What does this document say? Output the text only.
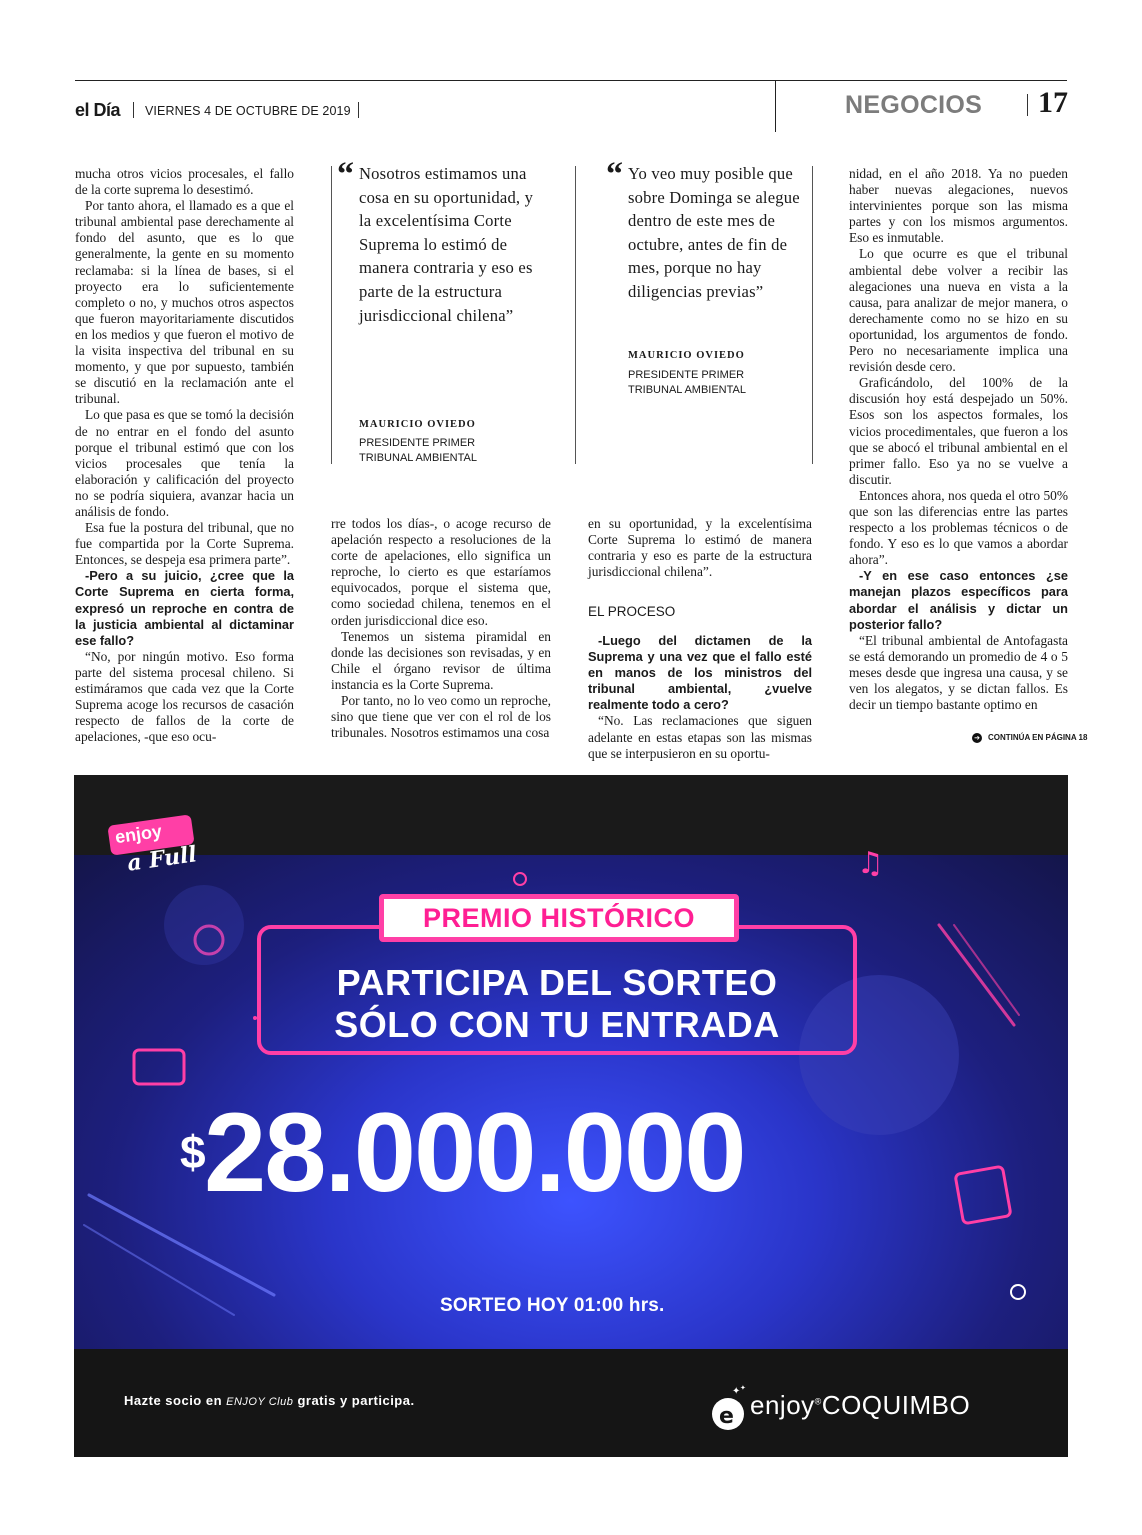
el Día VIERNES 4 DE OCTUBRE DE 2019	NEGOCIOS 17

mucha otros vicios procesales, el fallo de la corte suprema lo desestimó.

Por tanto ahora, el llamado es a que el tribunal ambiental pase derechamente al fondo del asunto, que es lo que generalmente, la gente en su momento reclamaba: si la línea de bases, si el proyecto era lo suficientemente completo o no, y muchos otros aspectos que fueron mayoritariamente discutidos en los medios y que fueron el motivo de la visita inspectiva del tribunal en su momento, y que por supuesto, también se discutió en la reclamación ante el tribunal.

Lo que pasa es que se tomó la decisión de no entrar en el fondo del asunto porque el tribunal estimó que con los vicios procesales que tenía la elaboración y calificación del proyecto no se podría siquiera, avanzar hacia un análisis de fondo.

Esa fue la postura del tribunal, que no fue compartida por la Corte Suprema. Entonces, se despeja esa primera parte”.

-Pero a su juicio, ¿cree que la Corte Suprema en cierta forma, expresó un reproche en contra de la justicia ambiental al dictaminar ese fallo?

“No, por ningún motivo. Eso forma parte del sistema procesal chileno. Si estimáramos que cada vez que la Corte Suprema acoge los recursos de casación respecto de fallos de la corte de apelaciones, -que eso ocu-

“ Nosotros estimamos una cosa en su oportunidad, y la excelentísima Corte Suprema lo estimó de manera contraria y eso es parte de la estructura jurisdiccional chilena”
MAURICIO OVIEDO
PRESIDENTE PRIMER TRIBUNAL AMBIENTAL
“ Yo veo muy posible que sobre Dominga se alegue dentro de este mes de octubre, antes de fin de mes, porque no hay diligencias previas”
MAURICIO OVIEDO
PRESIDENTE PRIMER TRIBUNAL AMBIENTAL

rre todos los días-, o acoge recurso de apelación respecto a resoluciones de la corte de apelaciones, ello significa un reproche, lo cierto es que estaríamos equivocados, porque el sistema que, como sociedad chilena, tenemos en el orden jurisdiccional dice eso.

Tenemos un sistema piramidal en donde las decisiones son revisadas, y en Chile el órgano revisor de última instancia es la Corte Suprema.

Por tanto, no lo veo como un reproche, sino que tiene que ver con el rol de los tribunales. Nosotros estimamos una cosa

en su oportunidad, y la excelentísima Corte Suprema lo estimó de manera contraria y eso es parte de la estructura jurisdiccional chilena”.

EL PROCESO

-Luego del dictamen de la Suprema y una vez que el fallo esté en manos de los ministros del tribunal ambiental, ¿vuelve realmente todo a cero?

“No. Las reclamaciones que siguen adelante en estas etapas son las mismas que se interpusieron en su oportu-

nidad, en el año 2018. Ya no pueden haber nuevas alegaciones, nuevos intervinientes porque son las misma partes y con los mismos argumentos. Eso es inmutable.

Lo que ocurre es que el tribunal ambiental debe volver a recibir las alegaciones una nueva en vista a la causa, para analizar de mejor manera, o derechamente como no se hizo en su oportunidad, los argumentos de fondo. Pero no necesariamente implica una revisión desde cero.

Graficándolo, del 100% de la discusión hoy está despejado un 50%. Esos son los aspectos formales, los vicios procedimentales, que fueron a los que se abocó el tribunal ambiental en el primer fallo. Eso ya no se vuelve a discutir.

Entonces ahora, nos queda el otro 50% que son las diferencias entre las partes respecto a los problemas técnicos o de fondo. Y eso es lo que vamos a abordar ahora”.

-Y en ese caso entonces ¿se manejan plazos específicos para abordar el análisis y dictar un posterior fallo?

“El tribunal ambiental de Antofagasta se está demorando un promedio de 4 o 5 meses desde que ingresa una causa, y se ven los alegatos, y se dictan fallos. Es decir un tiempo bastante optimo en

➔ CONTINÚA EN PÁGINA 18
♫
enjoy
a Full
PREMIO HISTÓRICO
PARTICIPA DEL SORTEO
SÓLO CON TU ENTRADA
$
28.000.000
SORTEO HOY 01:00 hrs.
Hazte socio en ENJOY Club gratis y participa.
e
✦ ✦
enjoy®COQUIMBO
